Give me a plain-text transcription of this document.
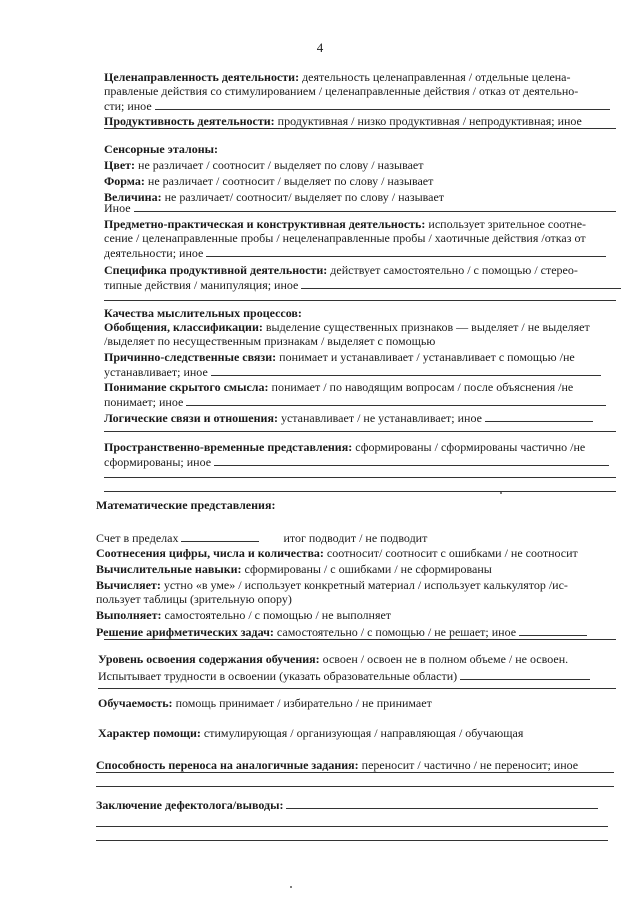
4
Целенаправленность деятельности: деятельность целенаправленная / отдельные целена-
правленые действия со стимулированием / целенаправленные действия / отказ от деятельно-
сти; иное
Продуктивность деятельности: продуктивная / низко продуктивная / непродуктивная; иное
Сенсорные эталоны:
Цвет: не различает / соотносит / выделяет по слову / называет
Форма: не различает / соотносит / выделяет по слову / называет
Величина: не различает/ соотносит/ выделяет по слову / называет
Иное
Предметно-практическая и конструктивная деятельность: использует зрительное соотне-
сение / целенаправленные пробы / нецеленаправленные пробы / хаотичные действия /отказ от
деятельности; иное
Специфика продуктивной деятельности: действует самостоятельно / с помощью / стерео-
типные действия / манипуляция; иное
Качества мыслительных процессов:
Обобщения, классификации: выделение существенных признаков — выделяет / не выделяет
/выделяет по несущественным признакам / выделяет с помощью
Причинно-следственные связи: понимает и устанавливает / устанавливает с помощью /не
устанавливает; иное
Понимание скрытого смысла: понимает / по наводящим вопросам / после объяснения /не
понимает; иное
Логические связи и отношения: устанавливает / не устанавливает; иное
Пространственно-временные представления: сформированы / сформированы частично /не
сформированы; иное
Математические представления:
Счет в пределах	итог подводит / не подводит
Соотнесения цифры, числа и количества: соотносит/ соотносит с ошибками / не соотносит
Вычислительные навыки: сформированы / с ошибками / не сформированы
Вычисляет: устно «в уме» / использует конкретный материал / использует калькулятор /ис-
пользует таблицы (зрительную опору)
Выполняет: самостоятельно / с помощью / не выполняет
Решение арифметических задач: самостоятельно / с помощью / не решает; иное
Уровень освоения содержания обучения: освоен / освоен не в полном объеме / не освоен.
Испытывает трудности в освоении (указать образовательные области)
Обучаемость: помощь принимает / избирательно / не принимает
Характер помощи: стимулирующая / организующая / направляющая / обучающая
Способность переноса на аналогичные задания: переносит / частично / не переносит; иное
Заключение дефектолога/выводы:
